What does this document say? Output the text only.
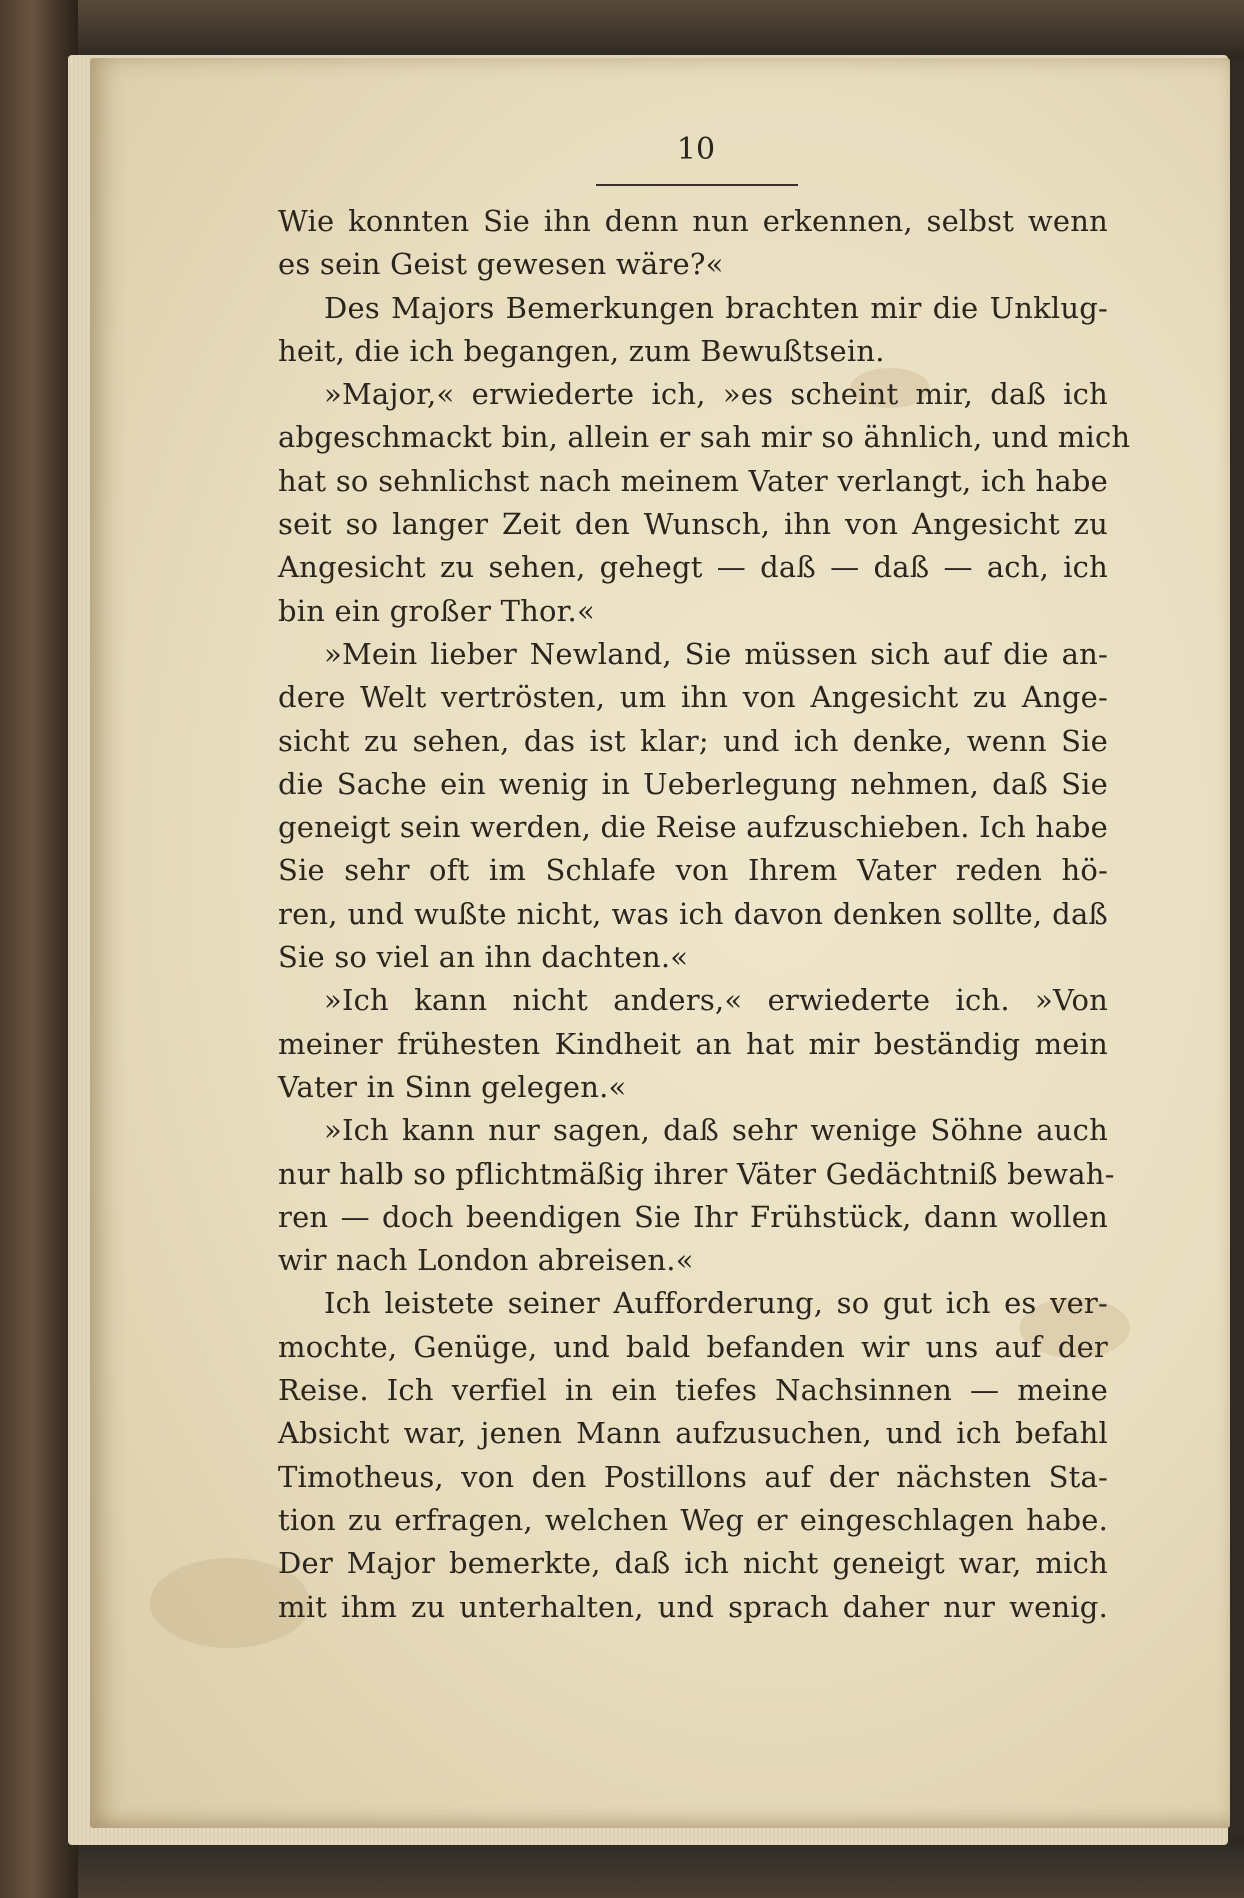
10
Wie konnten Sie ihn denn nun erkennen, selbst wenn
es sein Geist gewesen wäre?«
Des Majors Bemerkungen brachten mir die Unklug-
heit, die ich begangen, zum Bewußtsein.
»Major,« erwiederte ich, »es scheint mir, daß ich
abgeschmackt bin, allein er sah mir so ähnlich, und mich
hat so sehnlichst nach meinem Vater verlangt, ich habe
seit so langer Zeit den Wunsch, ihn von Angesicht zu
Angesicht zu sehen, gehegt — daß — daß — ach, ich
bin ein großer Thor.«
»Mein lieber Newland, Sie müssen sich auf die an-
dere Welt vertrösten, um ihn von Angesicht zu Ange-
sicht zu sehen, das ist klar; und ich denke, wenn Sie
die Sache ein wenig in Ueberlegung nehmen, daß Sie
geneigt sein werden, die Reise aufzuschieben. Ich habe
Sie sehr oft im Schlafe von Ihrem Vater reden hö-
ren, und wußte nicht, was ich davon denken sollte, daß
Sie so viel an ihn dachten.«
»Ich kann nicht anders,« erwiederte ich. »Von
meiner frühesten Kindheit an hat mir beständig mein
Vater in Sinn gelegen.«
»Ich kann nur sagen, daß sehr wenige Söhne auch
nur halb so pflichtmäßig ihrer Väter Gedächtniß bewah-
ren — doch beendigen Sie Ihr Frühstück, dann wollen
wir nach London abreisen.«
Ich leistete seiner Aufforderung, so gut ich es ver-
mochte, Genüge, und bald befanden wir uns auf der
Reise. Ich verfiel in ein tiefes Nachsinnen — meine
Absicht war, jenen Mann aufzusuchen, und ich befahl
Timotheus, von den Postillons auf der nächsten Sta-
tion zu erfragen, welchen Weg er eingeschlagen habe.
Der Major bemerkte, daß ich nicht geneigt war, mich
mit ihm zu unterhalten, und sprach daher nur wenig.
